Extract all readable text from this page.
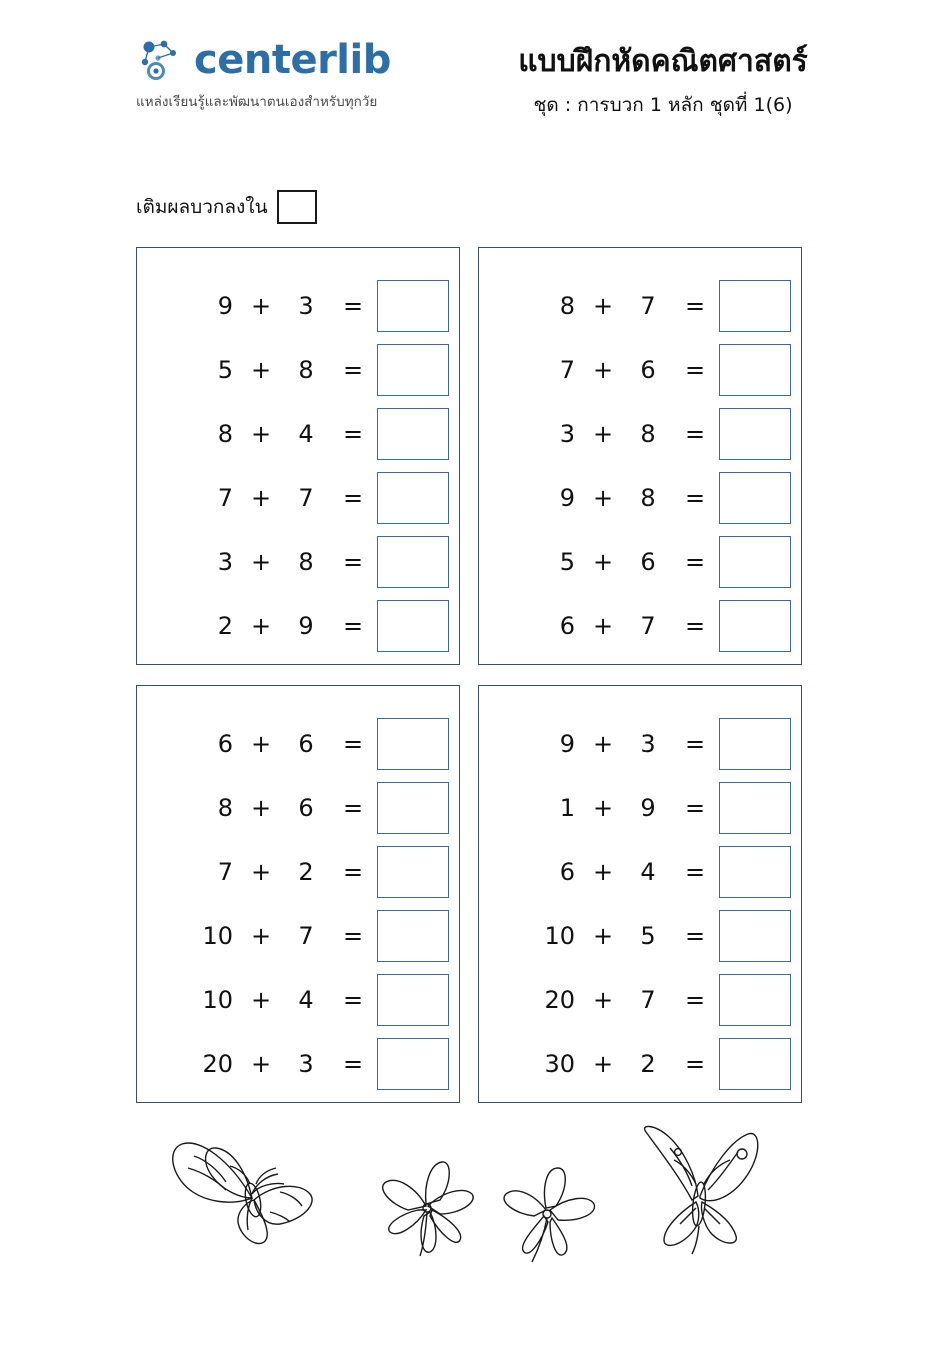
centerlib
แหล่งเรียนรู้และพัฒนาตนเองสำหรับทุกวัย
แบบฝึกหัดคณิตศาสตร์
ชุด : การบวก 1 หลัก ชุดที่ 1(6)
เติมผลบวกลงใน
9 +	3	=
5 +	8	=
8 +	4	=
7 +	7	=
3 +	8	=
2 +	9	=
8 +	7	=
7 +	6	=
3 +	8	=
9 +	8	=
5 +	6	=
6 +	7	=
6 +	6	=
8 +	6	=
7 +	2	=
10 +	7	=
10 +	4	=
20 +	3	=
9 +	3	=
1 +	9	=
6 +	4	=
10 +	5	=
20 +	7	=
30 +	2	=
